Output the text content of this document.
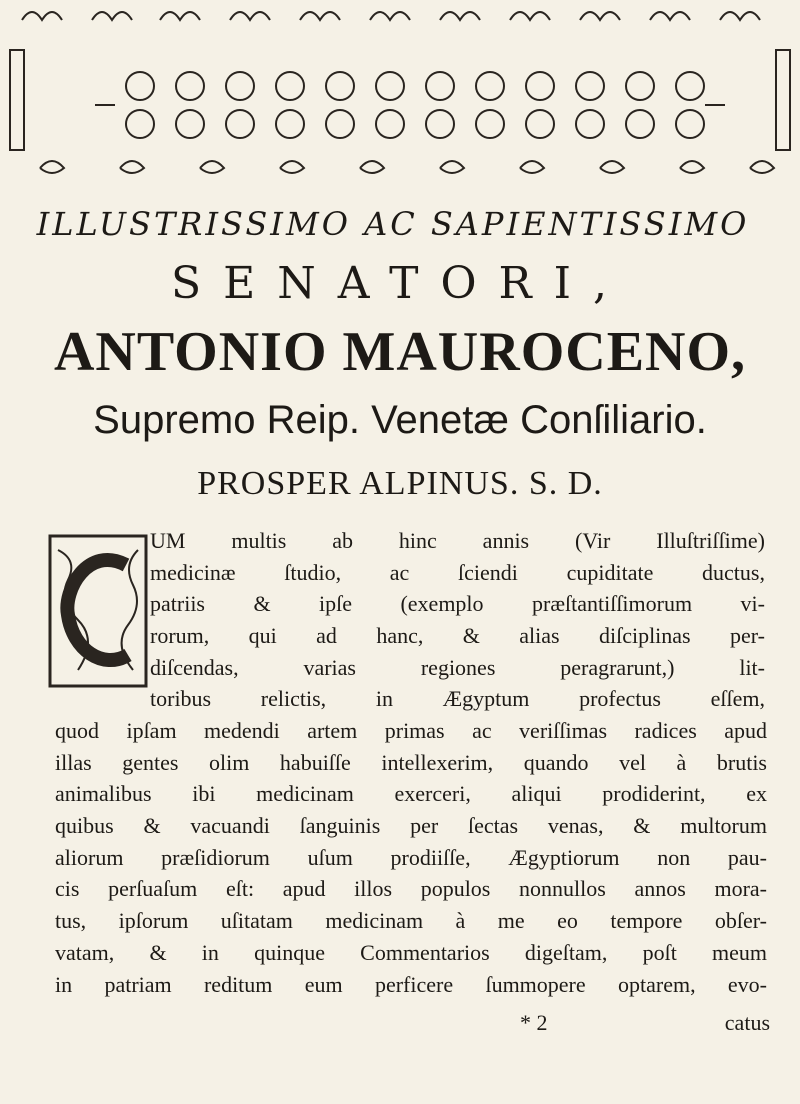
ILLUSTRISSIMO AC SAPIENTISSIMO
SENATORI,
ANTONIO MAUROCENO,
Supremo Reip. Venetæ Conſiliario.
PROSPER ALPINUS. S. D.
UM multis ab hinc annis (Vir Illuſtriſſime)
medicinæ ſtudio, ac ſciendi cupiditate ductus,
patriis & ipſe (exemplo præſtantiſſimorum vi-
rorum, qui ad hanc, & alias diſciplinas per-
diſcendas, varias regiones peragrarunt,) lit-
toribus relictis, in Ægyptum profectus eſſem,
quod ipſam medendi artem primas ac veriſſimas radices apud
illas gentes olim habuiſſe intellexerim, quando vel à brutis
animalibus ibi medicinam exerceri, aliqui prodiderint, ex
quibus & vacuandi ſanguinis per ſectas venas, & multorum
aliorum præſidiorum uſum prodiiſſe, Ægyptiorum non pau-
cis perſuaſum eſt: apud illos populos nonnullos annos mora-
tus, ipſorum uſitatam medicinam à me eo tempore obſer-
vatam, & in quinque Commentarios digeſtam, poſt meum
in patriam reditum eum perficere ſummopere optarem, evo-
* 2	catus
